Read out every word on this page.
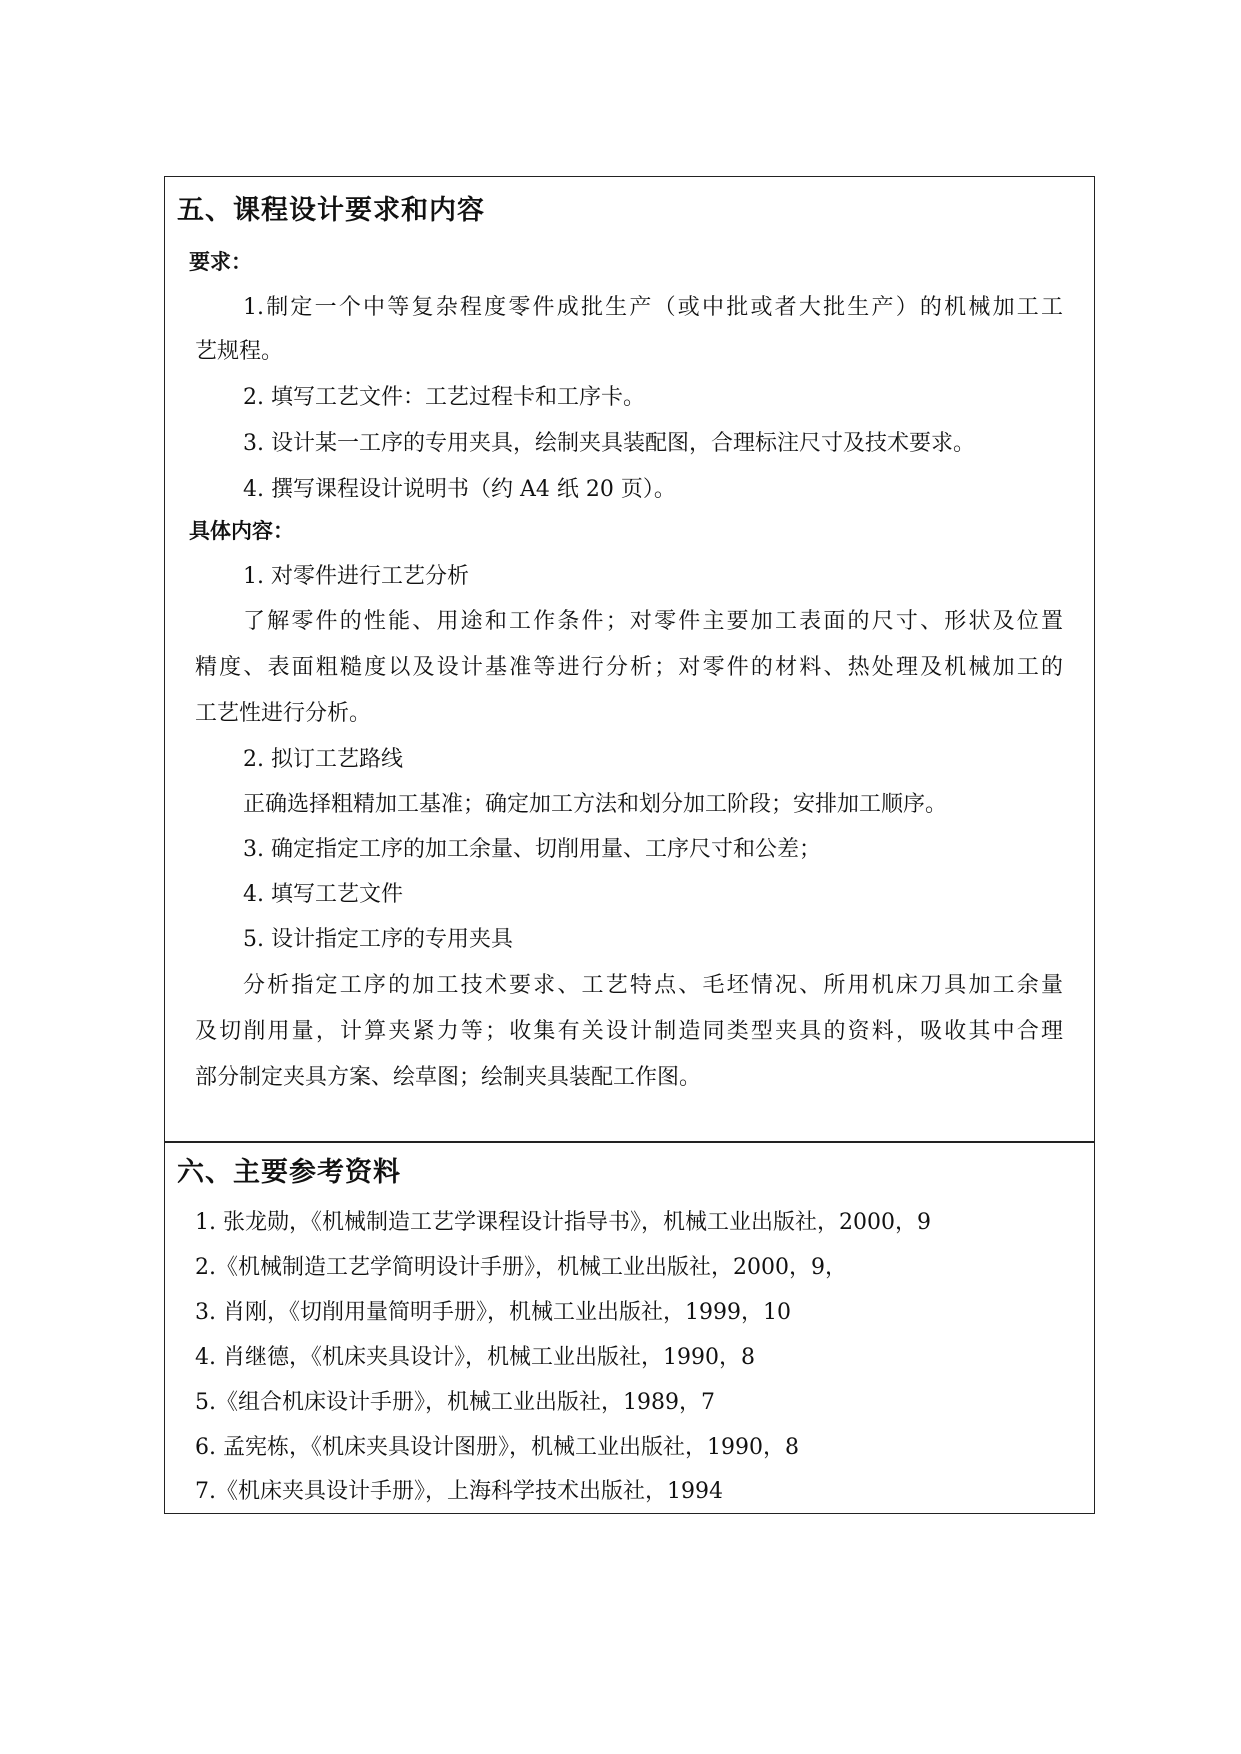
五、课程设计要求和内容
要求：
1.制定一个中等复杂程度零件成批生产（或中批或者大批生产）的机械加工工
艺规程。
2. 填写工艺文件：工艺过程卡和工序卡。
3. 设计某一工序的专用夹具，绘制夹具装配图，合理标注尺寸及技术要求。
4. 撰写课程设计说明书（约 A4 纸 20 页）。
具体内容：
1. 对零件进行工艺分析
了解零件的性能、用途和工作条件；对零件主要加工表面的尺寸、形状及位置
精度、表面粗糙度以及设计基准等进行分析；对零件的材料、热处理及机械加工的
工艺性进行分析。
2. 拟订工艺路线
正确选择粗精加工基准；确定加工方法和划分加工阶段；安排加工顺序。
3. 确定指定工序的加工余量、切削用量、工序尺寸和公差；
4. 填写工艺文件
5. 设计指定工序的专用夹具
分析指定工序的加工技术要求、工艺特点、毛坯情况、所用机床刀具加工余量
及切削用量，计算夹紧力等；收集有关设计制造同类型夹具的资料，吸收其中合理
部分制定夹具方案、绘草图；绘制夹具装配工作图。
六、主要参考资料
1. 张龙勋，《机械制造工艺学课程设计指导书》，机械工业出版社，2000，9
2.《机械制造工艺学简明设计手册》，机械工业出版社，2000，9，
3. 肖刚，《切削用量简明手册》，机械工业出版社，1999，10
4. 肖继德，《机床夹具设计》，机械工业出版社，1990，8
5.《组合机床设计手册》，机械工业出版社，1989，7
6. 孟宪栋，《机床夹具设计图册》，机械工业出版社，1990，8
7.《机床夹具设计手册》，上海科学技术出版社，1994
